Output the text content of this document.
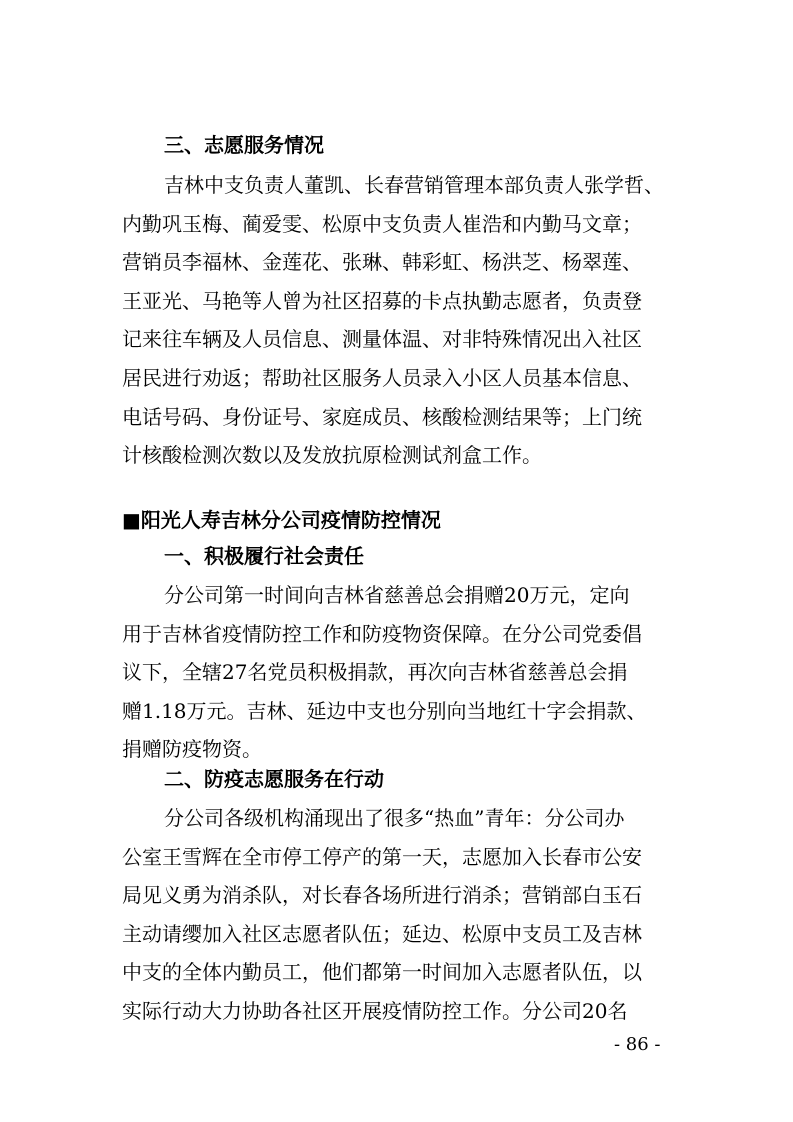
三、志愿服务情况
吉林中支负责人董凯、长春营销管理本部负责人张学哲、
内勤巩玉梅、蔺爱雯、松原中支负责人崔浩和内勤马文章；
营销员李福林、金莲花、张琳、韩彩虹、杨洪芝、杨翠莲、
王亚光、马艳等人曾为社区招募的卡点执勤志愿者，负责登
记来往车辆及人员信息、测量体温、对非特殊情况出入社区
居民进行劝返；帮助社区服务人员录入小区人员基本信息、
电话号码、身份证号、家庭成员、核酸检测结果等；上门统
计核酸检测次数以及发放抗原检测试剂盒工作。
■阳光人寿吉林分公司疫情防控情况
一、积极履行社会责任
分公司第一时间向吉林省慈善总会捐赠20万元，定向
用于吉林省疫情防控工作和防疫物资保障。在分公司党委倡
议下，全辖27名党员积极捐款，再次向吉林省慈善总会捐
赠1.18万元。吉林、延边中支也分别向当地红十字会捐款、
捐赠防疫物资。
二、防疫志愿服务在行动
分公司各级机构涌现出了很多“热血”青年：分公司办
公室王雪辉在全市停工停产的第一天，志愿加入长春市公安
局见义勇为消杀队，对长春各场所进行消杀；营销部白玉石
主动请缨加入社区志愿者队伍；延边、松原中支员工及吉林
中支的全体内勤员工，他们都第一时间加入志愿者队伍，以
实际行动大力协助各社区开展疫情防控工作。分公司20名
- 86 -
